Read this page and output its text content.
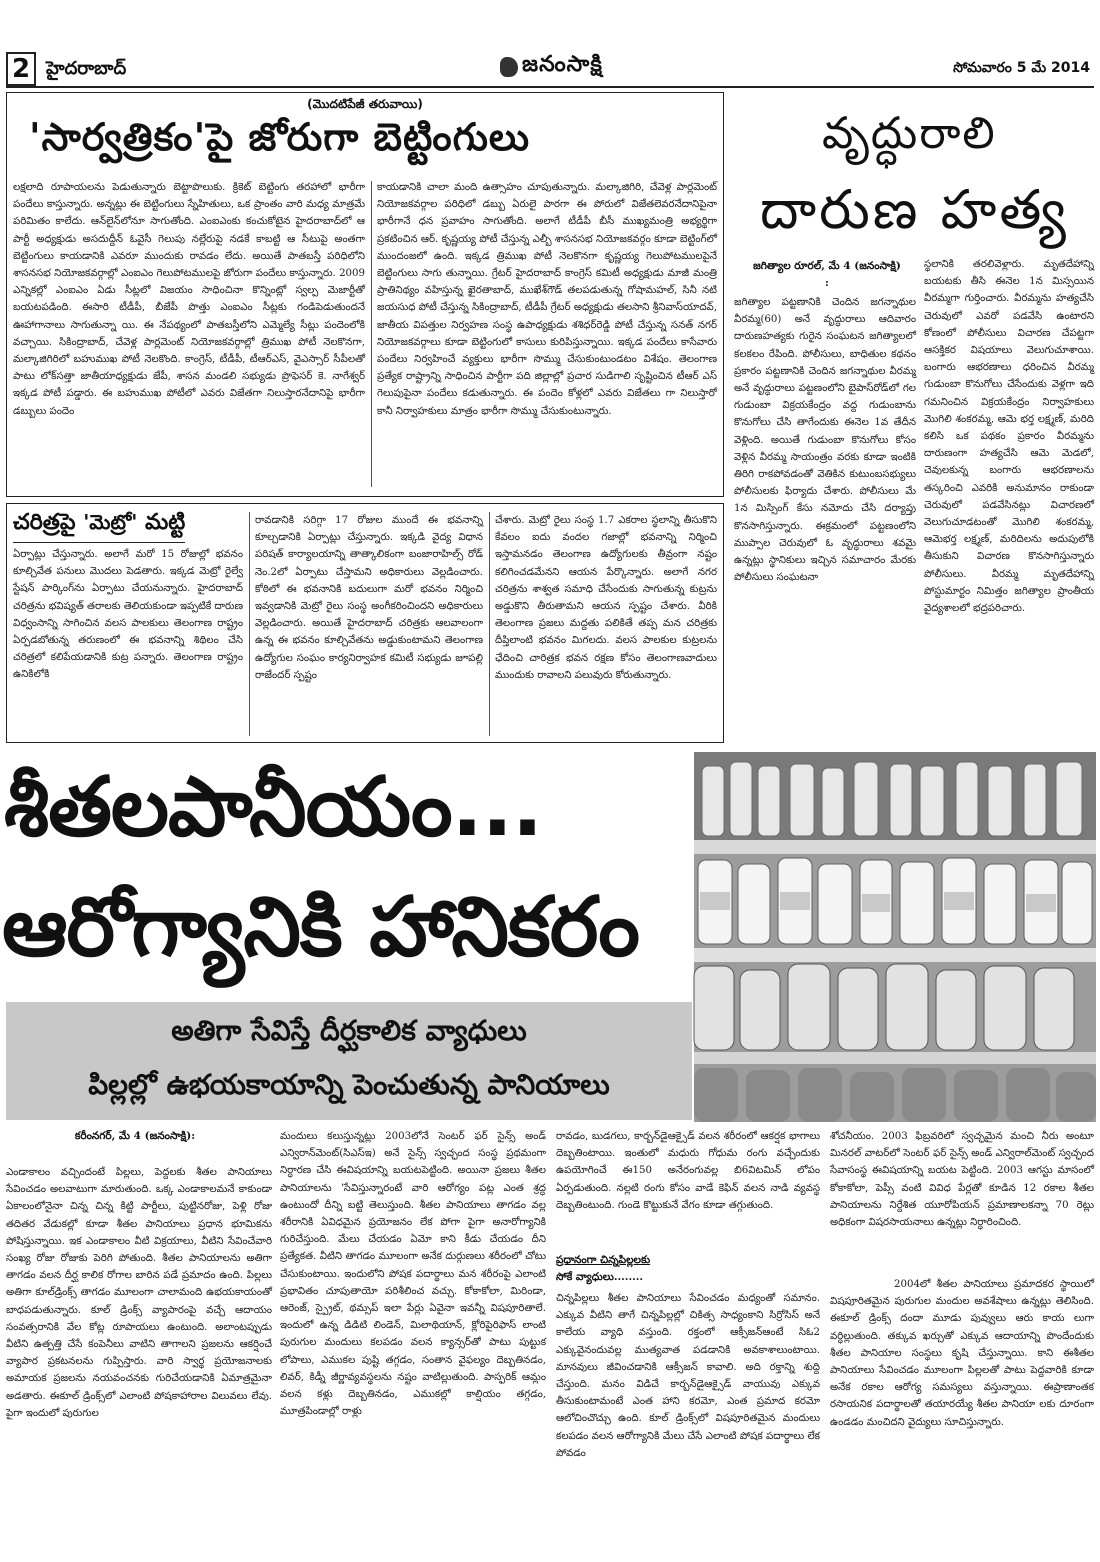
2 హైదరాబాద్	జనంసాక్షి	సోమవారం 5 మే 2014
(మొదటిపేజీ తరువాయి)
'సార్వత్రికం'పై జోరుగా బెట్టింగులు
లక్షలాది రూపాయలను పెడుతున్నారు బెట్టాపొలుకు. క్రికెట్ బెట్టింగు తరహాలో భారీగా పందేలు కాస్తున్నారు. అన్నట్లు ఈ బెట్టింగులు స్నేహితులు, ఒక ప్రాంతం వారి మధ్య మాత్రమే పరిమితం కాలేదు. ఆన్‌లైన్‌లోనూ సాగుతోంది. ఎంఐఎంకు కంచుకోటైన హైదరాబాద్‌లో ఆ పార్టీ అధ్యక్షుడు అసదుద్దీన్ ఓవైసీ గెలుపు నల్లేరుపై నడకే కాబట్టి ఆ సీటుపై అంతగా బెట్టింగులు కాయడానికి ఎవరూ ముందుకు రావడం లేదు. అయితే పాతబస్తీ పరిధిలోని శాసనసభ నియోజకవర్గాల్లో ఎంఐఎం గెలుపోటములపై జోరుగా పందేలు కాస్తున్నారు. 2009 ఎన్నికల్లో ఎంఐఎం ఏడు సీట్లలో విజయం సాధించినా కొన్నింట్లో స్వల్ప మెజార్టీతో బయటపడింది. ఈసారి టీడీపీ, బీజేపీ పొత్తు ఎంఐఎం సీట్లకు గండిపెడుతుందనే ఊహాగానాలు సాగుతున్నా యి. ఈ నేపథ్యంలో పాతబస్తీలోని ఎమ్మెల్యే సీట్లు పందెంలోకి వచ్చాయి. సికింద్రాబాద్, చేవెళ్ల పార్లమెంట్ నియోజకవర్గాల్లో త్రిముఖ పోటీ నెలకొనగా, మల్కాజిగిరిలో బహుముఖ పోటీ నెలకొంది. కాంగ్రెస్, టీడీపీ, టీఆర్ఎస్, వైఎస్సార్ సీపీలతో పాటు లోక్‌సత్తా జాతీయాధ్యక్షుడు జేపీ, శాసన మండలి సభ్యుడు ప్రొఫెసర్ కె. నాగేశ్వర్ ఇక్కడ పోటీ పడ్డారు. ఈ బహుముఖ పోటీలో ఎవరు విజేతగా నిలుస్తారనేదానిపై భారీగా డబ్బులు పందెం
కాయడానికి చాలా మంది ఉత్సాహం చూపుతున్నారు. మల్కాజిగిరి, చేవెళ్ల పార్లమెంట్ నియోజకవర్గాల పరిధిలో డబ్బు ఏరులై పారగా ఈ పోరులో విజేతలెవరనేదానిపైనా భారీగానే ధన ప్రవాహం సాగుతోంది. అలాగే టీడీపీ బీసీ ముఖ్యమంత్రి అభ్యర్థిగా ప్రకటించిన ఆర్. కృష్ణయ్య పోటీ చేస్తున్న ఎల్బీ శాసనసభ నియోజకవర్గం కూడా బెట్టింగ్‌లో ముందంజలో ఉంది. ఇక్కడ త్రిముఖ పోటీ నెలకొనగా కృష్ణయ్య గెలుపోటములపైనే బెట్టింగులు సాగు తున్నాయి. గ్రేటర్ హైదరాబాద్ కాంగ్రెస్ కమిటీ అధ్యక్షుడు మాజీ మంత్రి ప్రాతినిథ్యం వహిస్తున్న ఖైరతాబాద్, ముఖేశ్‌గౌడ్ తలపడుతున్న గోషామహల్, సినీ నటి జయసుధ పోటీ చేస్తున్న సికింద్రాబాద్, టీడీపీ గ్రేటర్ అధ్యక్షుడు తలసాని శ్రీనివాస్‌యాదవ్, జాతీయ విపత్తుల నిర్వహణ సంస్థ ఉపాధ్యక్షుడు శశిధర్‌రెడ్డి పోటీ చేస్తున్న సనత్ నగర్ నియోజకవర్గాలు కూడా బెట్టింగులో కాసులు కురిపిస్తున్నాయి. ఇక్కడ పందేలు కాసేవారు పందేలు నిర్వహించే వ్యక్తులు భారీగా సొమ్ము చేసుకుంటుండటం విశేషం. తెలంగాణ ప్రత్యేక రాష్ట్రాన్ని సాధించిన పార్టీగా పది జిల్లాల్లో ప్రచార సుడిగాలి సృష్టించిన టీఆర్ ఎస్ గెలుపుపైనా పందేలు కడుతున్నారు. ఈ పందెం కోళ్లలో ఎవరు విజేతలు గా నిలుస్తారో కానీ నిర్వాహకులు మాత్రం భారీగా సొమ్ము చేసుకుంటున్నారు.
చరిత్రపై 'మెట్రో' మట్టి
ఏర్పాట్లు చేస్తున్నారు. అలాగే మరో 15 రోజుల్లో భవనం కూల్చివేత పనులు మొదలు పెడతారు. ఇక్కడ మెట్రో రైల్వే స్టేషన్ పార్కింగ్‌ను ఏర్పాటు చేయనున్నారు. హైదరాబాద్ చరిత్రను భవిష్యత్ తరాలకు తెలియకుండా ఇప్పటికే దారుణ విధ్వంసాన్ని సాగించిన వలస పాలకులు తెలంగాణ రాష్ట్రం ఏర్పడబోతున్న తరుణంలో ఈ భవనాన్ని శిథిలం చేసి చరిత్రలో కలిపేయడానికి కుట్ర పన్నారు. తెలంగాణ రాష్ట్రం ఉనికిలోకి
రావడానికి సరిగ్గా 17 రోజుల ముందే ఈ భవనాన్ని కూల్చడానికి ఏర్పాట్లు చేస్తున్నారు. ఇక్కడి వైద్య విధాన పరిషత్ కార్యాలయాన్ని తాత్కాలికంగా బంజారాహిల్స్ రోడ్ నెం.2లో ఏర్పాటు చేస్తామని అధికారులు వెల్లడించారు. కోఠిలో ఈ భవనానికి బదులుగా మరో భవనం నిర్మించి ఇవ్వడానికి మెట్రో రైలు సంస్థ అంగీకరించిందని అధికారులు వెల్లడించారు. అయితే హైదరాబాద్ చరిత్రకు ఆలవాలంగా ఉన్న ఈ భవనం కూల్చివేతను అడ్డుకుంటామని తెలంగాణ ఉద్యోగుల సంఘం కార్యనిర్వాహక కమిటీ సభ్యుడు జూపల్లి రాజేందర్ స్పష్టం
చేశారు. మెట్రో రైలు సంస్థ 1.7 ఎకరాల స్థలాన్ని తీసుకొని కేవలం ఐదు వందల గజాల్లో భవనాన్ని నిర్మించి ఇస్తామనడం తెలంగాణ ఉద్యోగులకు తీవ్రంగా నష్టం కలిగించడమేనని ఆయన పేర్కొన్నారు. అలాగే నగర చరిత్రను శాశ్వత సమాధి చేసేందుకు సాగుతున్న కుట్రను అడ్డుకొని తీరుతామని ఆయన స్పష్టం చేశారు. వీరికి తెలంగాణ ప్రజలు మద్దతు పలికితే తప్ప మన చరిత్రకు దీప్తిలాంటి భవనం మిగలదు. వలస పాలకుల కుట్రలను ఛేదించి చారిత్రక భవన రక్షణ కోసం తెలంగాణవాదులు ముందుకు రావాలని పలువురు కోరుతున్నారు.
వృద్ధురాలి
దారుణ హత్య
జగిత్యాల రూరల్, మే 4 (జనంసాక్షి) :
జగిత్యాల పట్టణానికి చెందిన జగన్నాథుల వీరమ్మ(60) అనే వృద్ధురాలు ఆదివారం దారుణహత్యకు గురైన సంఘటన జగిత్యాలలో కలకలం రేపింది. పోలీసులు, బాధితుల కథనం ప్రకారం పట్టణానికి చెందిన జగన్నాథుల వీరమ్మ అనే వృద్ధురాలు పట్టణంలోని బైపాస్‌రోడ్‌లో గల గుడుంబా విక్రయకేంద్రం వద్ద గుడుంబాను కొనుగోలు చేసి తాగేందుకు ఈనెల 1వ తేదీన వెళ్లింది. అయితే గుడుంబా కొనుగోలు కోసం వెళ్లిన వీరమ్మ సాయంత్రం వరకు కూడా ఇంటికి తిరిగి రాకపోవడంతో వెతికిన కుటుంబసభ్యులు పోలీసులకు ఫిర్యాదు చేశారు. పోలీసులు మే 1న మిస్సింగ్ కేసు నమోదు చేసి దర్యాప్తు కొనసాగిస్తున్నారు. ఈక్రమంలో పట్టణంలోని ముప్పాల చెరువులో ఓ వృద్ధురాలు శవమై ఉన్నట్లు స్థానికులు ఇచ్చిన సమాచారం మేరకు పోలీసులు సంఘటనా
స్థలానికి తరలివెళ్లారు. మృతదేహాన్ని బయటకు తీసి ఈనెల 1న మిస్సయిన వీరమ్మగా గుర్తించారు. వీరమ్మను హత్యచేసి చెరువులో ఎవరో పడవేసి ఉంటారని కోణంలో పోలీసులు విచారణ చేపట్టగా ఆసక్తికర విషయాలు వెలుగుచూశాయి. బంగారు ఆభరణాలు ధరించిన వీరమ్మ గుడుంబా కొనుగోలు చేసేందుకు వెళ్లగా ఇది గమనించిన విక్రయకేంద్రం నిర్వాహకులు మొగిలి శంకరమ్మ, ఆమె భర్త లక్ష్మణ్, మరిది కలిసి ఒక పథకం ప్రకారం వీరమ్మను దారుణంగా హత్యచేసి ఆమె మెడలో, చెవులకున్న బంగారు ఆభరణాలను తస్కరించి ఎవరికి అనుమానం రాకుండా చెరువులో పడవేసినట్లు విచారణలో వెలుగుచూడటంతో మొగిలి శంకరమ్మ, ఆమెభర్త లక్ష్మణ్, మరిదిలను అదుపులోకి తీసుకుని విచారణ కొనసాగిస్తున్నారు పోలీసులు. వీరమ్మ మృతదేహాన్ని పోస్టుమార్టం నిమిత్తం జగిత్యాల ప్రాంతీయ వైద్యశాలలో భద్రపరిచారు.
శీతలపానీయం...
ఆరోగ్యానికి హానికరం
అతిగా సేవిస్తే దీర్ఘకాలిక వ్యాధులు
పిల్లల్లో ఉభయకాయాన్ని పెంచుతున్న పానియాలు
కరీంనగర్, మే 4 (జనంసాక్షి):
ఎండాకాలం వచ్చిందంటే పిల్లలు, పెద్దలకు శీతల పానియాలు సేవించడం అలవాటుగా మారుతుంది. ఒక్క ఎండాకాలమనే కాకుండా ఏకాలంలోనైనా చిన్న చిన్న కిట్టి పార్టీలు, పుట్టినరోజు, పెళ్లి రోజు తదితర వేడుకల్లో కూడా శీతల పానియాలు ప్రధాన భూమికను పోషిస్తున్నాయి. ఇక ఎండాకాలం వీటి విక్రయాలు, వీటిని సేవించేవారి సంఖ్య రోజు రోజుకు పెరిగి పోతుంది. శీతల పానియాలను అతిగా తాగడం వలన దీర్ఘ కాలిక రోగాల బారిన పడే ప్రమాదం ఉంది. పిల్లలు అతిగా కూల్‌డ్రింక్స్ తాగడం మూలంగా చాలామంది ఉభయకాయంతో బాధపడుతున్నారు. కూల్ డ్రింక్స్ వ్యాపారంపై వచ్చే ఆదాయం సంవత్సరానికి వేల కోట్ల రూపాయలు ఉంటుంది. అలాంటప్పుడు వీటిని ఉత్పత్తి చేసే కంపెనీలు వాటిని తాగాలని ప్రజలను ఆకర్షించే వ్యాపార ప్రకటనలను గుప్పిస్తారు. వారి స్వార్థ ప్రయోజనాలకు అమాయక ప్రజలను నయవంచనకు గురిచేయడానికి ఏమాత్రమైనా అడతారు. ఈకూల్ డ్రింక్స్‌లో ఎలాంటి పోషకాహారాల విలువలు లేవు. పైగా ఇందులో పురుగుల
మందులు కలుస్తున్నట్లు 2003లోనే సెంటర్ ఫర్ సైన్స్ అండ్ ఎన్విరాన్‌మెంట్(సిఎస్ఇ) అనే సైన్స్ స్వచ్ఛంద సంస్థ ప్రథమంగా నిర్ధారణ చేసి ఈవిషయాన్ని బయటపెట్టింది. అయినా ప్రజలు శీతల పానియాలను 'సేవిస్తున్నారంటే వారి ఆరోగ్యం పట్ల ఎంత శ్రద్ధ ఉంటుందో దీన్ని బట్టి తెలుస్తుంది. శీతల పానియాలు తాగడం వల్ల శరీరానికి ఏవిధమైన ప్రయోజనం లేక పోగా పైగా అనారోగ్యానికి గురిచేస్తుంది. మేలు చేయడం ఏమో కాని కీడు చేయడం దీని ప్రత్యేకత. వీటిని తాగడం మూలంగా అనేక దుర్గుణలు శరీరంలో చోటు చేసుకుంటాయి. ఇందులోని పోషక పదార్థాలు మన శరీరంపై ఎలాంటి ప్రభావితం చూపుతాయో పరిశీలించ వచ్చు. కోకాకోలా, మిరిండా, ఆరెంజ్, స్ప్రైట్, థమ్సప్ ఇలా పేర్లు ఏవైనా ఇవన్నీ విషపూరితాలే. ఇందులో ఉన్న డిడిటి లిండెన్, మిలాథియాన్, క్లోరిపైరిఫాస్ లాంటి పురుగుల మందులు కలపడం వలన క్యాన్సర్‌తో పాటు పుట్టుక లోపాలు, ఎముకల పుష్టి తగ్గడం, సంతాన వైఫల్యం దెబ్బతినడం, లివర్, కిడ్నీ జీర్ణావ్యవస్థలను నష్టం వాటిల్లుతుంది. పాస్ఫరిక్ ఆమ్లం వలన కళ్లు దెబ్బతినడం, ఎముకల్లో కాల్షియం తగ్గడం, మూత్రపిండాల్లో రాళ్లు
రావడం, బుడగలు, కార్బన్‌డైఆక్సైడ్ వలన శరీరంలో ఆకర్షక భాగాలు దెబ్బతింటాయి. ఇంతులో మధురు గోధుమ రంగు వచ్చేందుకు ఉపయోగించే ఈ150 అనేరంగువల్ల బి6విటమిన్ లోపం ఏర్పడుతుంది. నల్లటి రంగు కోసం వాడే కెఫిన్ వలన నాడి వ్యవస్థ దెబ్బతింటుంది. గుండె కొట్టుకునే వేగం కూడా తగ్గుతుంది.
ప్రధానంగా చిన్నపిల్లలకు
సోకే వ్యాధులు........
చిన్నపిల్లలు శీతల పానియాలు సేవించడం మధ్యంతో సమానం. ఎక్కువ వీటిని తాగే చిన్నపిల్లల్లో చికిత్స సాధ్యంకాని సిర్రోసిస్ అనే కాలేయ వ్యాధి వస్తుంది. రక్తంలో ఆక్సీజన్‌ఆంటే సిఓ2 ఎక్కువైనందువల్ల ముత్యవాత పడడానికి అవకాశాలుంటాయి. మానవులు జీవించడానికి ఆక్సీజన్ కావాలి. అది రక్తాన్ని శుద్ది చేస్తుంది. మనం విడిచే కార్బన్‌డైఆక్సైడ్ వాయువు ఎక్కువ తీసుకుంటామంటే ఎంత హాని కరమో, ఎంత ప్రమాద కరమో ఆలోచించొచ్చు ఉంది. కూల్ డ్రింక్స్‌లో విషపూరితమైన మందులు కలపడం వలన ఆరోగ్యానికి మేలు చేసే ఎలాంటి పోషక పదార్థాలు లేక పోవడం
శోచనీయం. 2003 ఫిబ్రవరిలో స్వచ్ఛమైన మంచి నీరు అంటూ మినరల్ వాటర్‌లో సెంటర్ ఫర్ సైన్స్ అండ్ ఎన్విరాల్‌మెంట్ స్వచ్ఛంద సేవాసంస్థ ఈవిషయాన్ని బయట పెట్టింది. 2003 ఆగస్టు మాసంలో కోకాకోలా, పెప్సీ వంటి వివిధ పేర్లతో కూడిన 12 రకాల శీతల పానియాలను నిర్దేశిత యూరోపియన్ ప్రమాణాలకన్నా 70 రెట్లు అధికంగా విషరసాయనాలు ఉన్నట్లు నిర్ధారించింది.
2004లో శీతల పానియాలు ప్రమాదకర స్థాయిలో విషపూరితమైన పురుగుల మందుల అవశేషాలు ఉన్నట్లు తెలిసింది. ఈకూల్ డ్రింక్స్ దందా మూడు పువ్వులు ఆరు కాయ లుగా వర్ధిల్లుతుంది. తక్కువ ఖర్చుతో ఎక్కువ ఆదాయాన్ని పొందేందుకు శీతల పానియాల సంస్థలు కృషి చేస్తున్నాయి. కాని ఈశీతల పానియాలు సేవించడం మూలంగా పిల్లలతో పాటు పెద్దవారికి కూడా అనేక రకాల ఆరోగ్య సమస్యలు వస్తున్నాయి. ఈప్రాణాంతక రసాయనిక పదార్థాలతో తయారయ్యే శీతల పానియా లకు దూరంగా ఉండడం మంచిదని వైద్యులు సూచిస్తున్నారు.
